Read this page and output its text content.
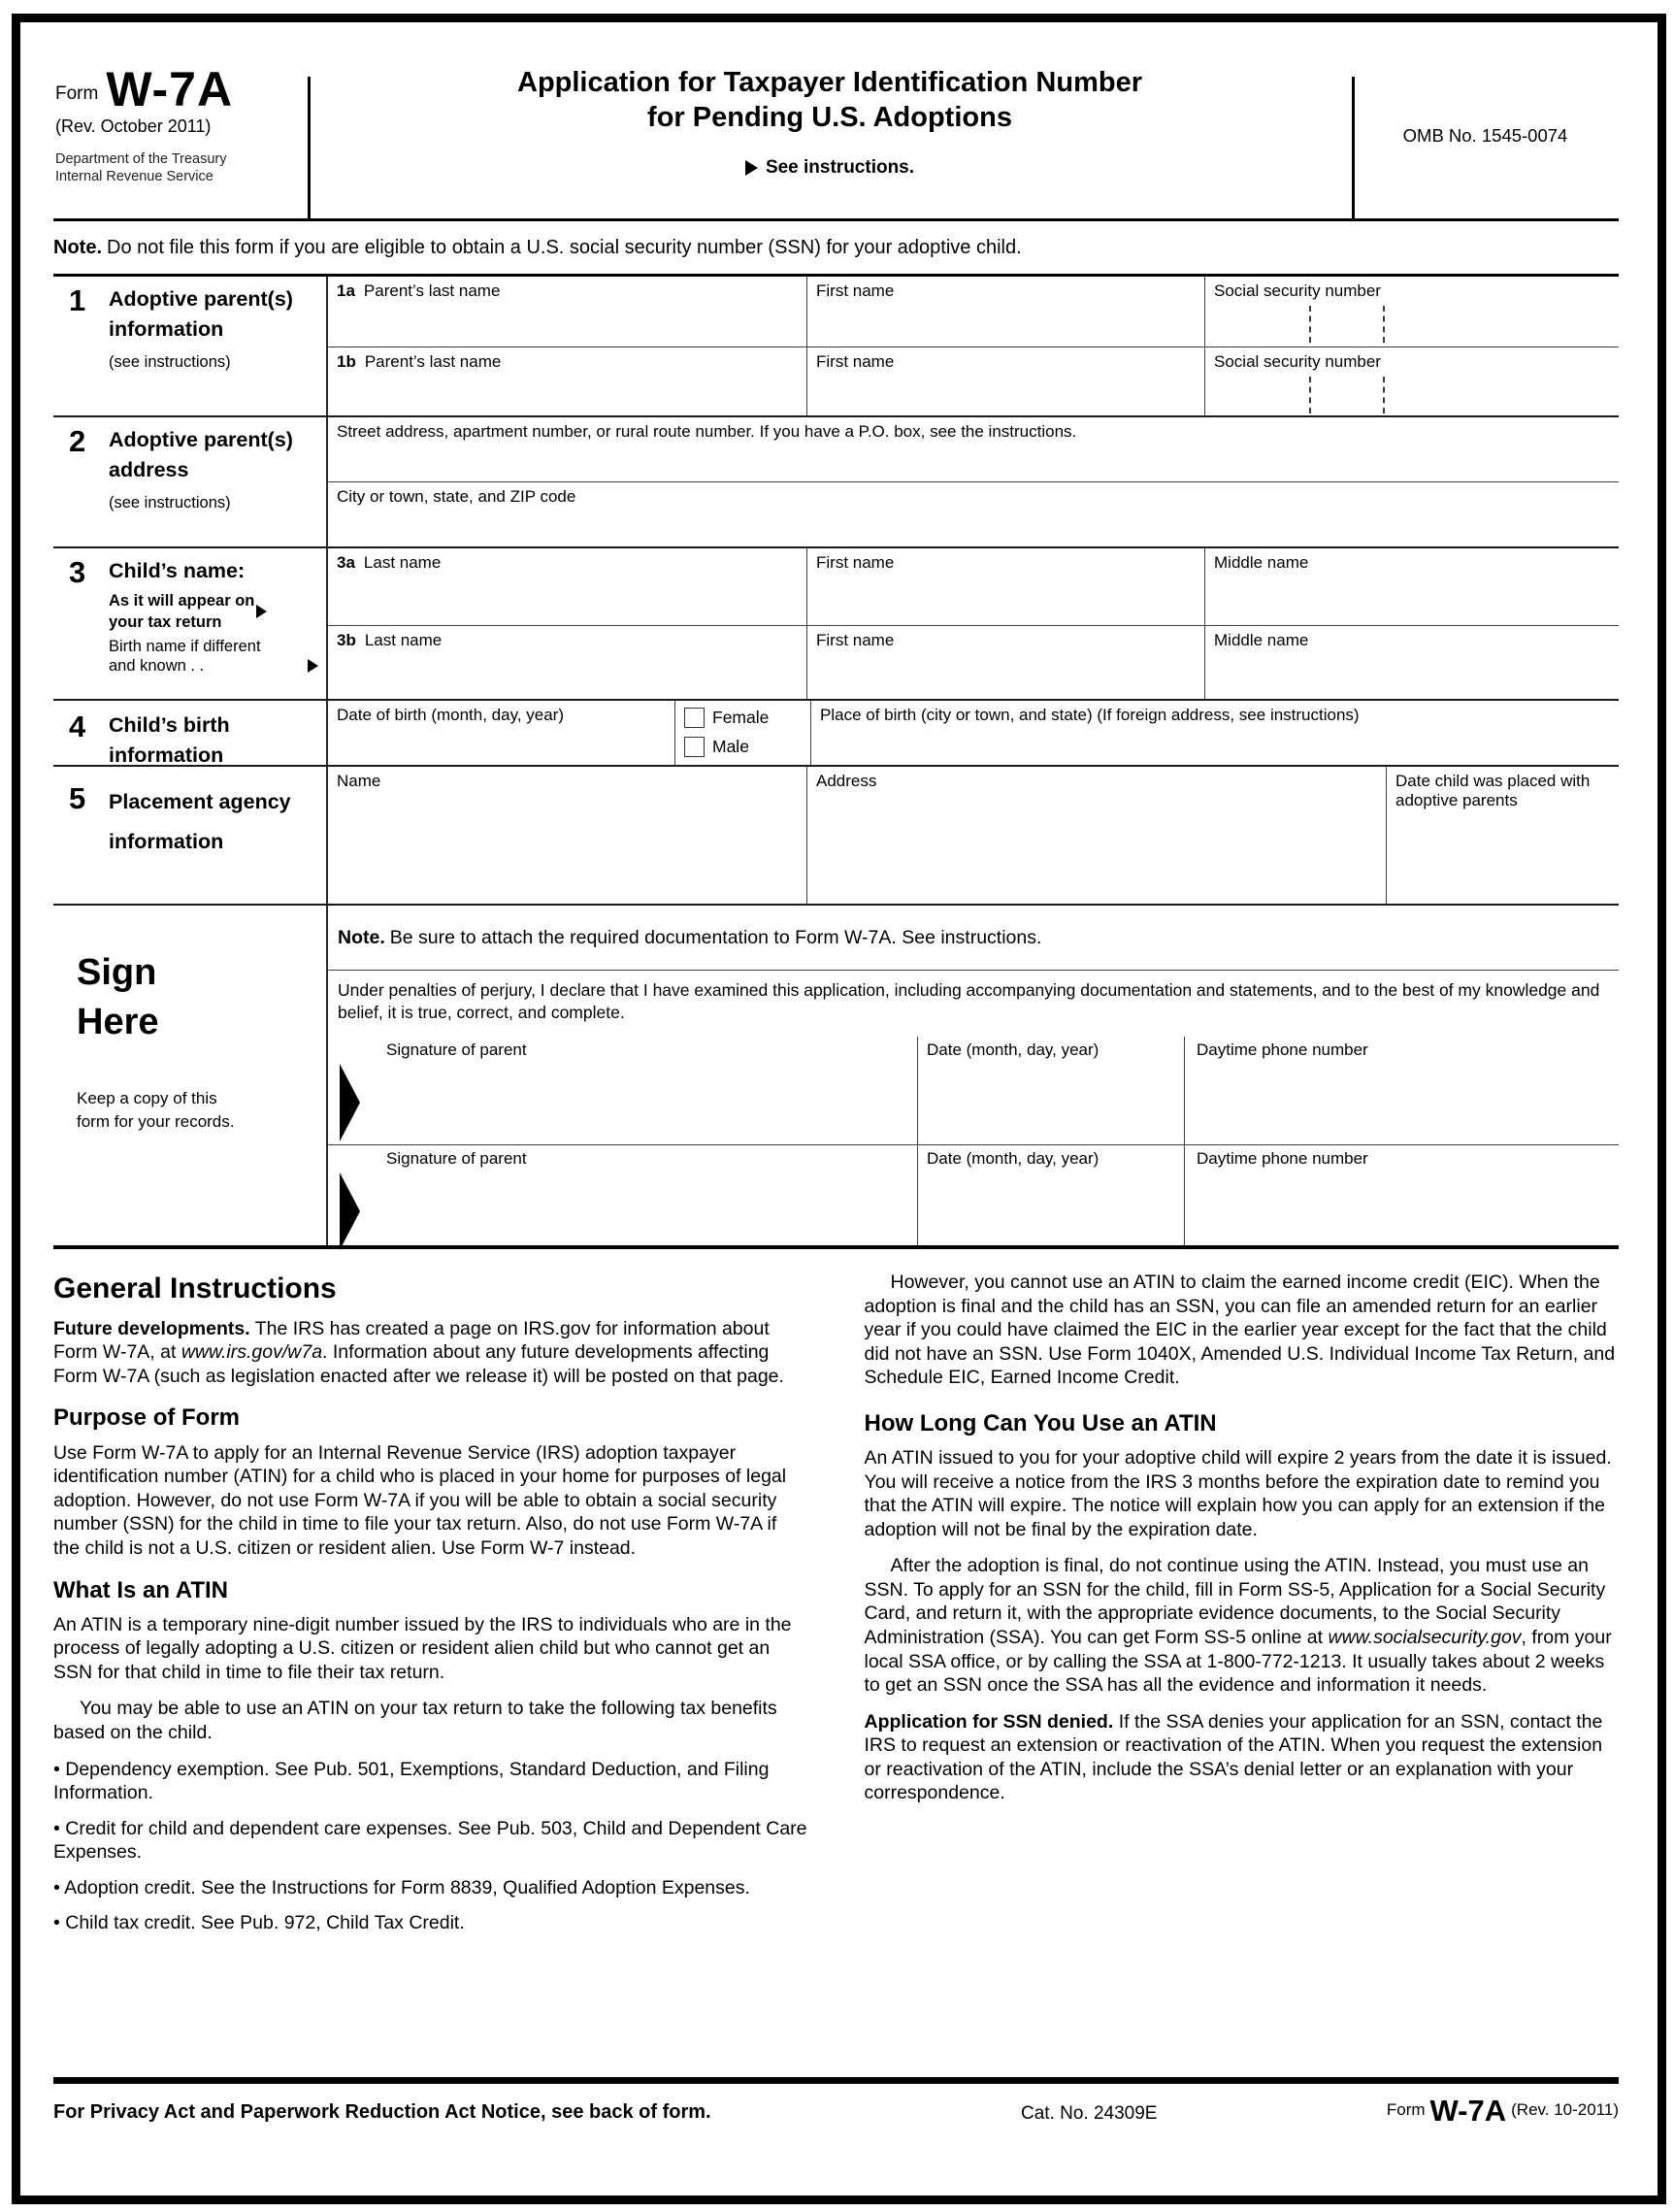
Form W-7A
(Rev. October 2011)
Department of the Treasury
Internal Revenue Service
Application for Taxpayer Identification Number
for Pending U.S. Adoptions
See instructions.
OMB No. 1545-0074
Note. Do not file this form if you are eligible to obtain a U.S. social security number (SSN) for your adoptive child.
1	Adoptive parent(s) information
(see instructions)
1a Parent’s last name	First name	Social security number
1b Parent’s last name	First name	Social security number
2	Adoptive parent(s) address
(see instructions)
Street address, apartment number, or rural route number. If you have a P.O. box, see the instructions.
City or town, state, and ZIP code
3	Child’s name:
As it will appear on your tax return
Birth name if different
and known . .
3a Last name	First name	Middle name
3b Last name	First name	Middle name
4	Child’s birth information
Date of birth (month, day, year)	Female
Male
Place of birth (city or town, and state) (If foreign address, see instructions)
5	Placement agency information
Name	Address	Date child was placed with adoptive parents
Sign
Here
Keep a copy of this form for your records.
Note. Be sure to attach the required documentation to Form W-7A. See instructions.
Under penalties of perjury, I declare that I have examined this application, including accompanying documentation and statements, and to the best of my knowledge and belief, it is true, correct, and complete.
Signature of parent	Date (month, day, year)	Daytime phone number
Signature of parent	Date (month, day, year)	Daytime phone number
General Instructions
Future developments. The IRS has created a page on IRS.gov for information about Form W-7A, at www.irs.gov/w7a. Information about any future developments affecting Form W-7A (such as legislation enacted after we release it) will be posted on that page.
Purpose of Form
Use Form W-7A to apply for an Internal Revenue Service (IRS) adoption taxpayer identification number (ATIN) for a child who is placed in your home for purposes of legal adoption. However, do not use Form W-7A if you will be able to obtain a social security number (SSN) for the child in time to file your tax return. Also, do not use Form W-7A if the child is not a U.S. citizen or resident alien. Use Form W-7 instead.
What Is an ATIN
An ATIN is a temporary nine-digit number issued by the IRS to individuals who are in the process of legally adopting a U.S. citizen or resident alien child but who cannot get an SSN for that child in time to file their tax return.
You may be able to use an ATIN on your tax return to take the following tax benefits based on the child.
• Dependency exemption. See Pub. 501, Exemptions, Standard Deduction, and Filing Information.
• Credit for child and dependent care expenses. See Pub. 503, Child and Dependent Care Expenses.
• Adoption credit. See the Instructions for Form 8839, Qualified Adoption Expenses.
• Child tax credit. See Pub. 972, Child Tax Credit.
However, you cannot use an ATIN to claim the earned income credit (EIC). When the adoption is final and the child has an SSN, you can file an amended return for an earlier year if you could have claimed the EIC in the earlier year except for the fact that the child did not have an SSN. Use Form 1040X, Amended U.S. Individual Income Tax Return, and Schedule EIC, Earned Income Credit.
How Long Can You Use an ATIN
An ATIN issued to you for your adoptive child will expire 2 years from the date it is issued. You will receive a notice from the IRS 3 months before the expiration date to remind you that the ATIN will expire. The notice will explain how you can apply for an extension if the adoption will not be final by the expiration date.
After the adoption is final, do not continue using the ATIN. Instead, you must use an SSN. To apply for an SSN for the child, fill in Form SS-5, Application for a Social Security Card, and return it, with the appropriate evidence documents, to the Social Security Administration (SSA). You can get Form SS-5 online at www.socialsecurity.gov, from your local SSA office, or by calling the SSA at 1-800-772-1213. It usually takes about 2 weeks to get an SSN once the SSA has all the evidence and information it needs.
Application for SSN denied. If the SSA denies your application for an SSN, contact the IRS to request an extension or reactivation of the ATIN. When you request the extension or reactivation of the ATIN, include the SSA’s denial letter or an explanation with your correspondence.
For Privacy Act and Paperwork Reduction Act Notice, see back of form.	Cat. No. 24309E	Form W-7A (Rev. 10-2011)
